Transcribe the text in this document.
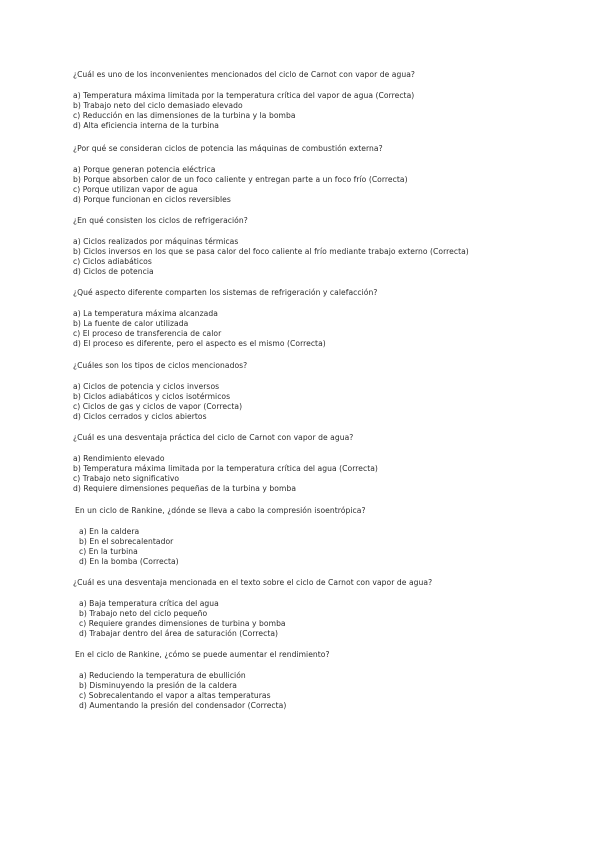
¿Cuál es uno de los inconvenientes mencionados del ciclo de Carnot con vapor de agua?
a) Temperatura máxima limitada por la temperatura crítica del vapor de agua (Correcta)
b) Trabajo neto del ciclo demasiado elevado
c) Reducción en las dimensiones de la turbina y la bomba
d) Alta eficiencia interna de la turbina
¿Por qué se consideran ciclos de potencia las máquinas de combustión externa?
a) Porque generan potencia eléctrica
b) Porque absorben calor de un foco caliente y entregan parte a un foco frío (Correcta)
c) Porque utilizan vapor de agua
d) Porque funcionan en ciclos reversibles
¿En qué consisten los ciclos de refrigeración?
a) Ciclos realizados por máquinas térmicas
b) Ciclos inversos en los que se pasa calor del foco caliente al frío mediante trabajo externo (Correcta)
c) Ciclos adiabáticos
d) Ciclos de potencia
¿Qué aspecto diferente comparten los sistemas de refrigeración y calefacción?
a) La temperatura máxima alcanzada
b) La fuente de calor utilizada
c) El proceso de transferencia de calor
d) El proceso es diferente, pero el aspecto es el mismo (Correcta)
¿Cuáles son los tipos de ciclos mencionados?
a) Ciclos de potencia y ciclos inversos
b) Ciclos adiabáticos y ciclos isotérmicos
c) Ciclos de gas y ciclos de vapor (Correcta)
d) Ciclos cerrados y ciclos abiertos
¿Cuál es una desventaja práctica del ciclo de Carnot con vapor de agua?
a) Rendimiento elevado
b) Temperatura máxima limitada por la temperatura crítica del agua (Correcta)
c) Trabajo neto significativo
d) Requiere dimensiones pequeñas de la turbina y bomba
En un ciclo de Rankine, ¿dónde se lleva a cabo la compresión isoentrópica?
a) En la caldera
b) En el sobrecalentador
c) En la turbina
d) En la bomba (Correcta)
¿Cuál es una desventaja mencionada en el texto sobre el ciclo de Carnot con vapor de agua?
a) Baja temperatura crítica del agua
b) Trabajo neto del ciclo pequeño
c) Requiere grandes dimensiones de turbina y bomba
d) Trabajar dentro del área de saturación (Correcta)
En el ciclo de Rankine, ¿cómo se puede aumentar el rendimiento?
a) Reduciendo la temperatura de ebullición
b) Disminuyendo la presión de la caldera
c) Sobrecalentando el vapor a altas temperaturas
d) Aumentando la presión del condensador (Correcta)
